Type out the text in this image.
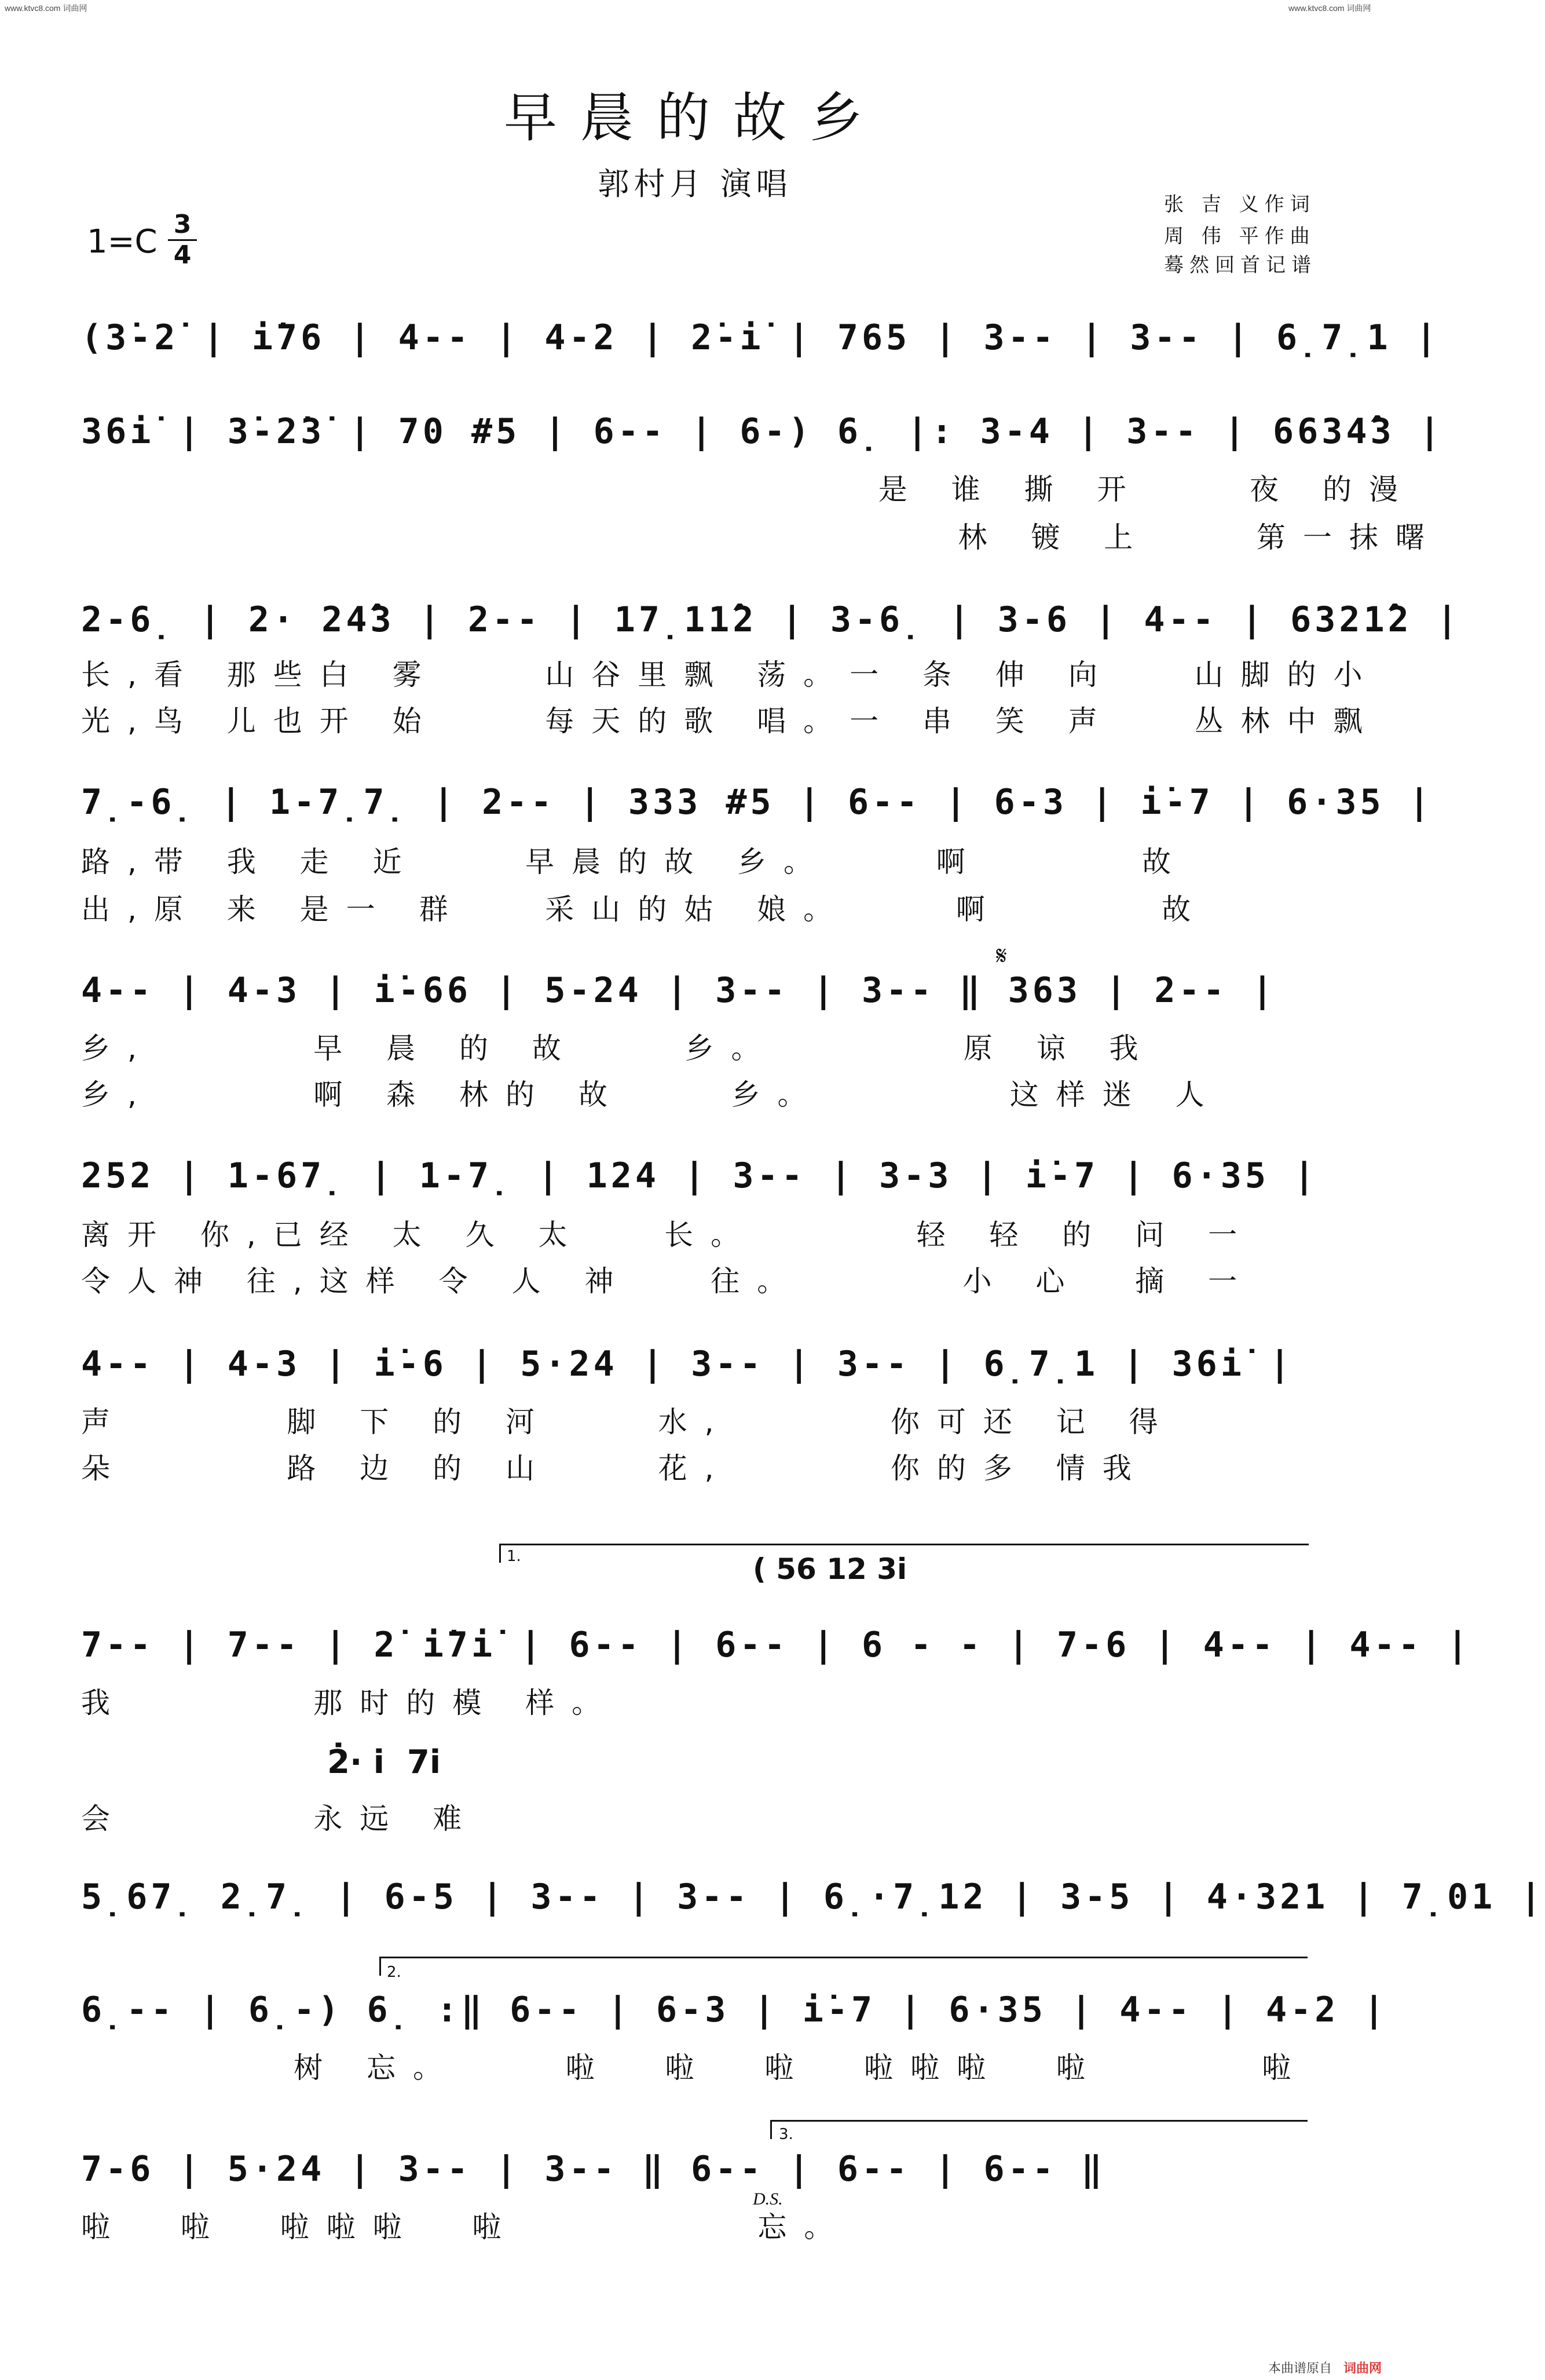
www.ktvc8.com 词曲网	www.ktvc8.com 词曲网
早晨的故乡
郭村月 演唱
1=C 3
4
张 吉 义作词
周 伟 平作曲
蓦然回首记谱
(3̇-2̇ | i̇76 | 4-- | 4-2 | 2̇-i̇ | 765 | 3-- | 3-- | 6̣7̣1 |
36i̇ | 3̇-2̇3̇ | 70 #5 | 6-- | 6-) 6̣ |: 3-4 | 3-- | 6634̂3 |
是 谁 撕 开    夜 的漫
林 镀 上    第一抹曙
2-6̣ | 2· 24̂3 | 2-- | 17̣11̂2 | 3-6̣ | 3-6 | 4-- | 6321̂2 |
长,看 那些白 雾    山谷里飘 荡。一 条 伸 向   山脚的小
光,鸟 儿也开 始    每天的歌 唱。一 串 笑 声   丛林中飘
7̣-6̣ | 1-7̣7̣ | 2-- | 333 #5 | 6-- | 6-3 | i̇-7 | 6·35 |
路,带 我 走 近    早晨的故 乡。    啊      故
出,原 来 是一 群   采山的姑 娘。    啊      故
𝄋
4-- | 4-3 | i̇-66 | 5-24 | 3-- | 3-- ‖ 363 | 2-- |
乡,      早 晨 的 故    乡。       原 谅 我
乡,      啊 森 林的 故    乡。       这样迷 人
252 | 1-67̣ | 1-7̣ | 124 | 3-- | 3-3 | i̇-7 | 6·35 |
离开 你,已经 太 久 太   长。      轻 轻 的 问 一
令人神 往,这样 令 人 神   往。      小 心  摘 一
4-- | 4-3 | i̇-6 | 5·24 | 3-- | 3-- | 6̣7̣1 | 36i̇ |
声      脚 下 的 河    水,      你可还 记 得
朵      路 边 的 山    花,      你的多 情我
1.	( 56 12 3i̇
7-- | 7-- | 2̇ i̇7i̇ | 6-- | 6-- | 6 - - | 7-6 | 4-- | 4-- |
我       那时的模 样。
2̇· i̇  7i̇
会       永远 难
5̣67̣ 2̣7̣ | 6-5 | 3-- | 3-- | 6̣·7̣12 | 3-5 | 4·321 | 7̣01 |
2.
6̣-- | 6̣-) 6̣ :‖ 6-- | 6-3 | i̇-7 | 6·35 | 4-- | 4-2 |
树 忘。    啦  啦  啦  啦啦啦  啦      啦
3.
7-6 | 5·24 | 3-- | 3-- ‖ 6-- | 6-- | 6-- ‖
D.S.
啦  啦  啦啦啦  啦         忘。
本曲谱原自 词曲网
